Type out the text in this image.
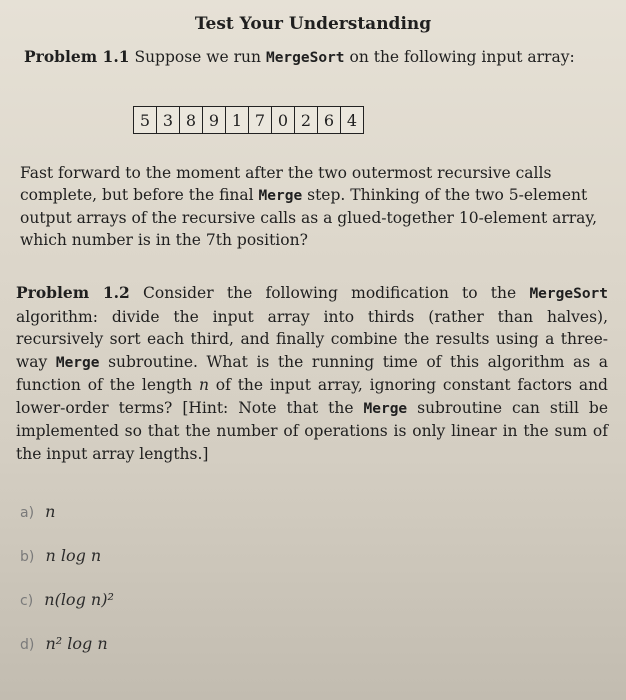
Test Your Understanding
Problem 1.1 Suppose we run MergeSort on the following input array:
5 3 8 9 1 7 0 2 6 4
Fast forward to the moment after the two outermost recursive calls complete, but before the final Merge step. Thinking of the two 5-element output arrays of the recursive calls as a glued-together 10-element array, which number is in the 7th position?
Problem 1.2 Consider the following modification to the MergeSort algorithm: divide the input array into thirds (rather than halves), recursively sort each third, and finally combine the results using a three-way Merge subroutine. What is the running time of this algorithm as a function of the length n of the input array, ignoring constant factors and lower-order terms? [Hint: Note that the Merge subroutine can still be implemented so that the number of operations is only linear in the sum of the input array lengths.]
a) n
b) n log n
c) n(log n)²
d) n² log n
